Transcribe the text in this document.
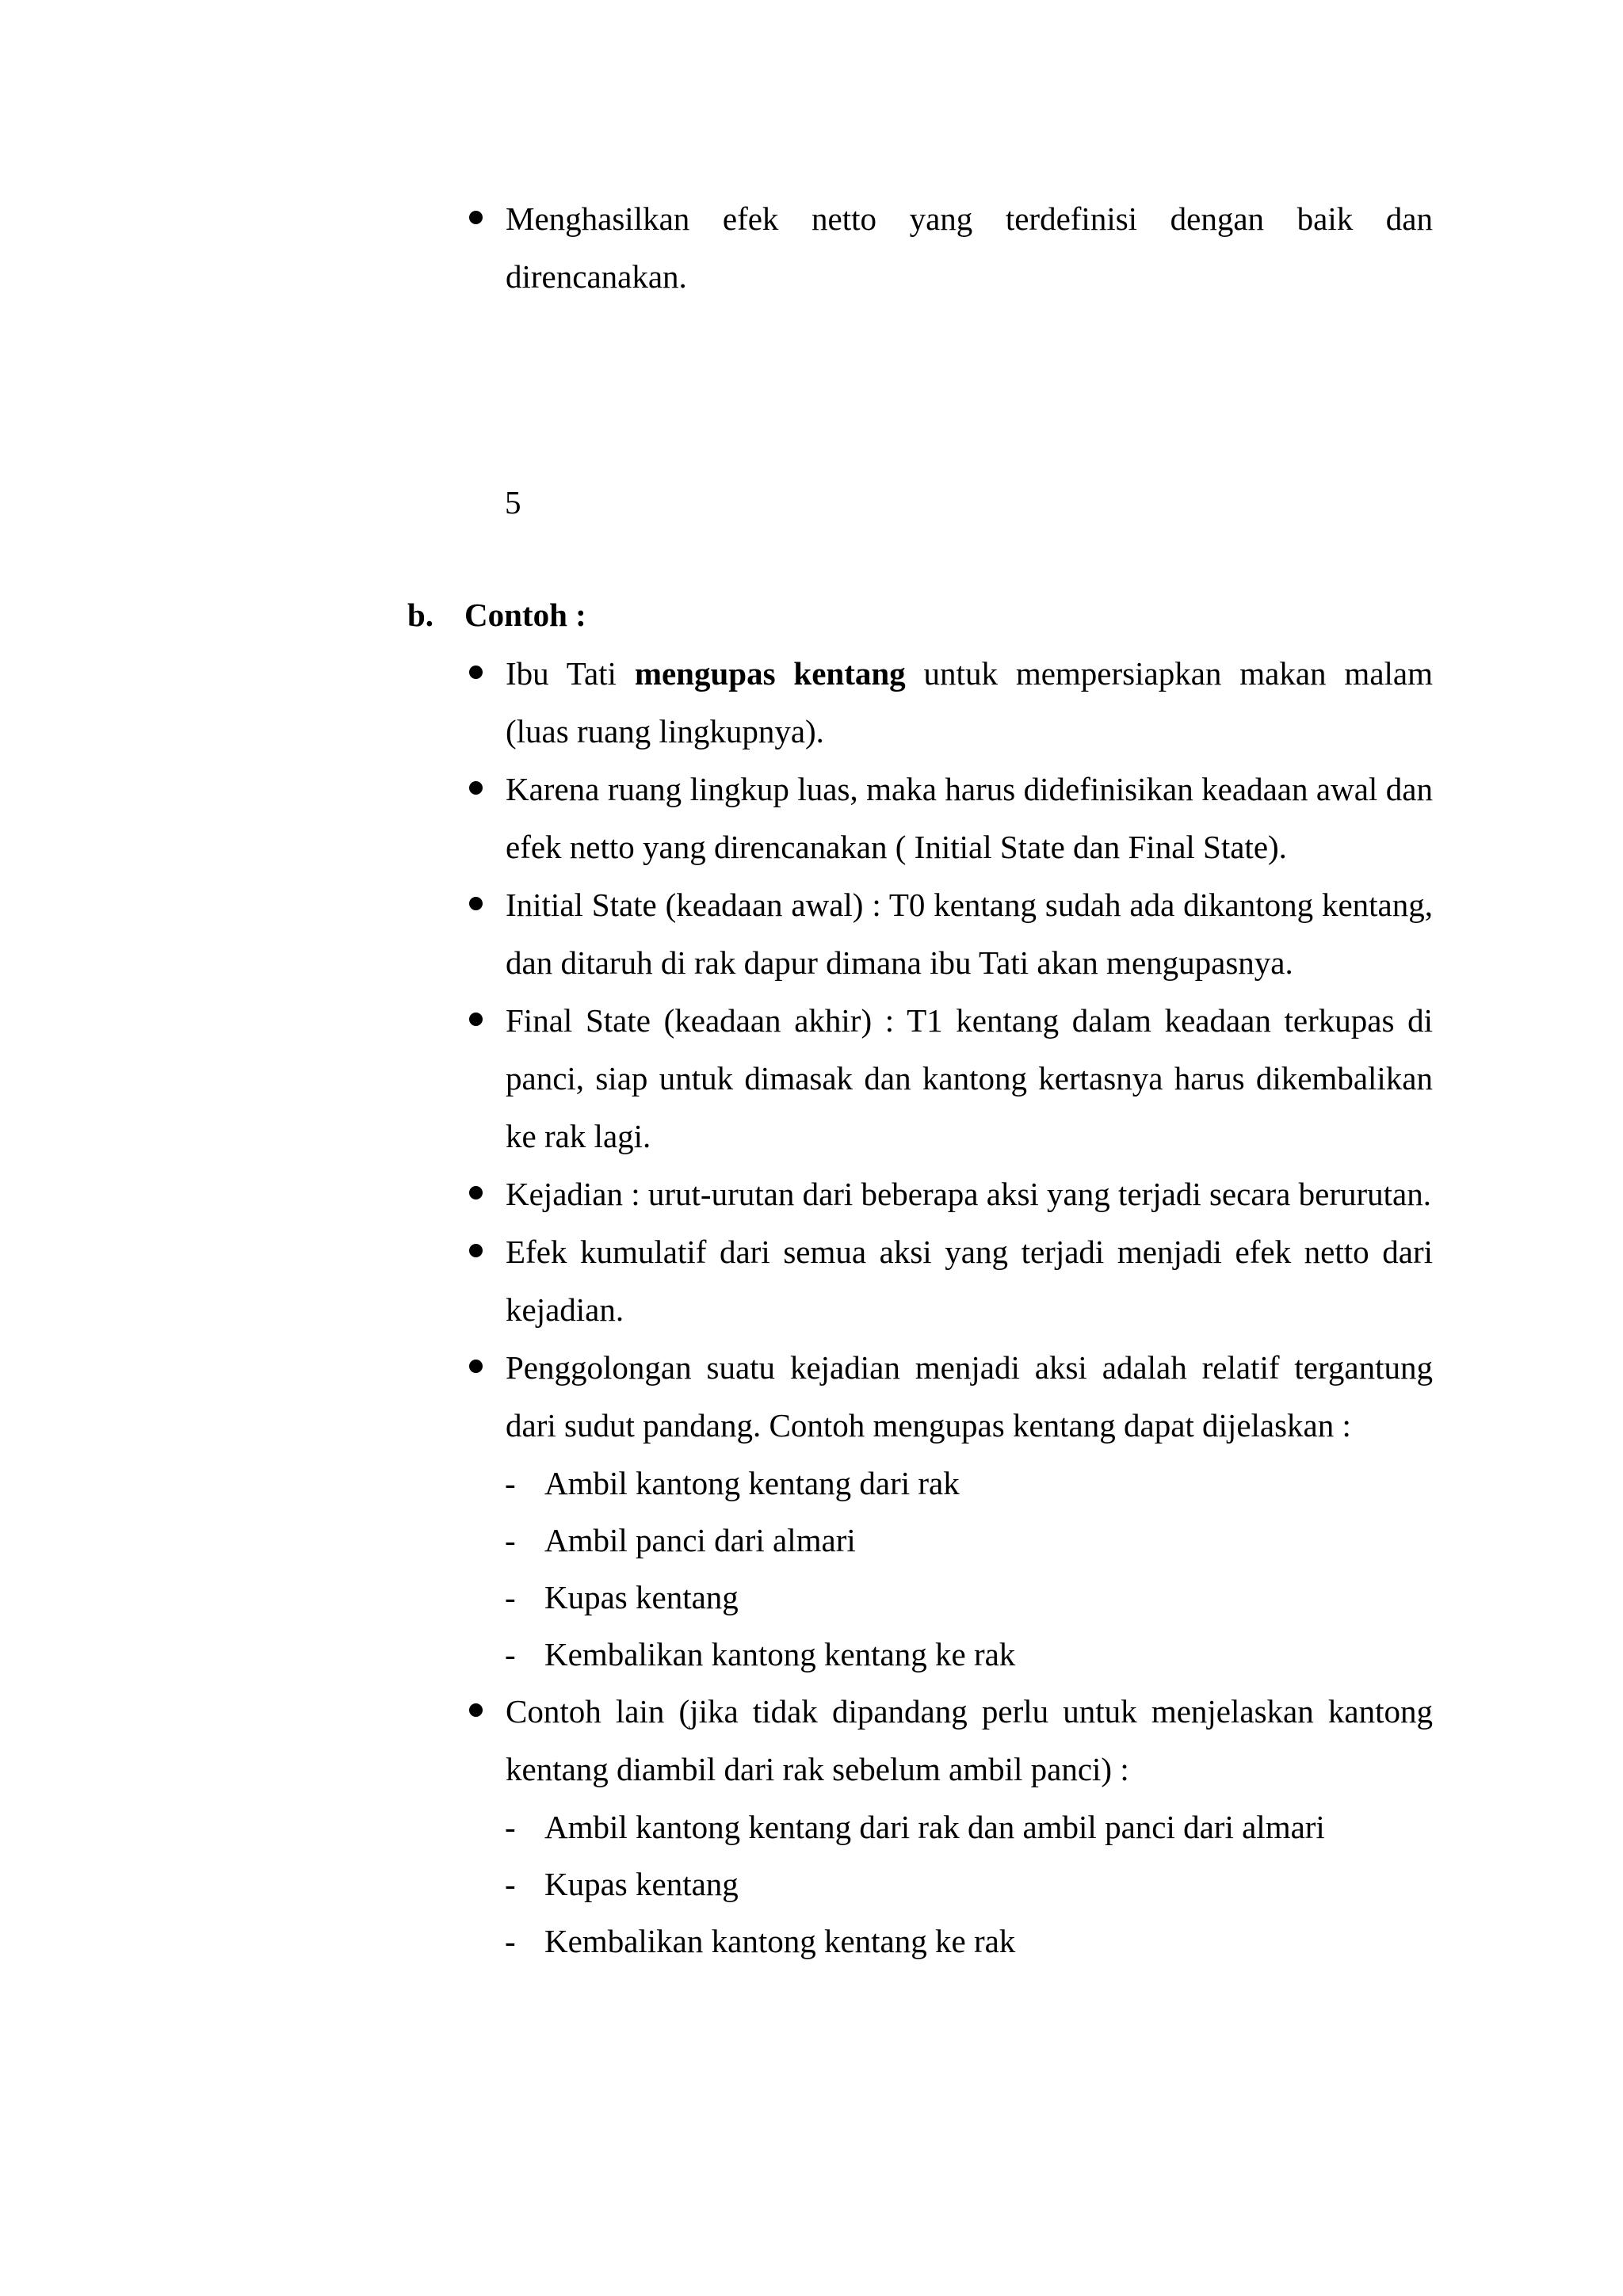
Menghasilkan efek netto yang terdefinisi dengan baik dan direncanakan.
5
b. Contoh :
Ibu Tati mengupas kentang untuk mempersiapkan makan malam (luas ruang lingkupnya).
Karena ruang lingkup luas, maka harus didefinisikan keadaan awal dan efek netto yang direncanakan ( Initial State dan Final State).
Initial State (keadaan awal) : T0 kentang sudah ada dikantong kentang, dan ditaruh di rak dapur dimana ibu Tati akan mengupasnya.
Final State (keadaan akhir) : T1 kentang dalam keadaan terkupas di panci, siap untuk dimasak dan kantong kertasnya harus dikembalikan ke rak lagi.
Kejadian : urut-urutan dari beberapa aksi yang terjadi secara berurutan.
Efek kumulatif dari semua aksi yang terjadi menjadi efek netto dari kejadian.
Penggolongan suatu kejadian menjadi aksi adalah relatif tergantung dari sudut pandang. Contoh mengupas kentang dapat dijelaskan :
- Ambil kantong kentang dari rak
- Ambil panci dari almari
- Kupas kentang
- Kembalikan kantong kentang ke rak
Contoh lain (jika tidak dipandang perlu untuk menjelaskan kantong kentang diambil dari rak sebelum ambil panci) :
- Ambil kantong kentang dari rak dan ambil panci dari almari
- Kupas kentang
- Kembalikan kantong kentang ke rak
